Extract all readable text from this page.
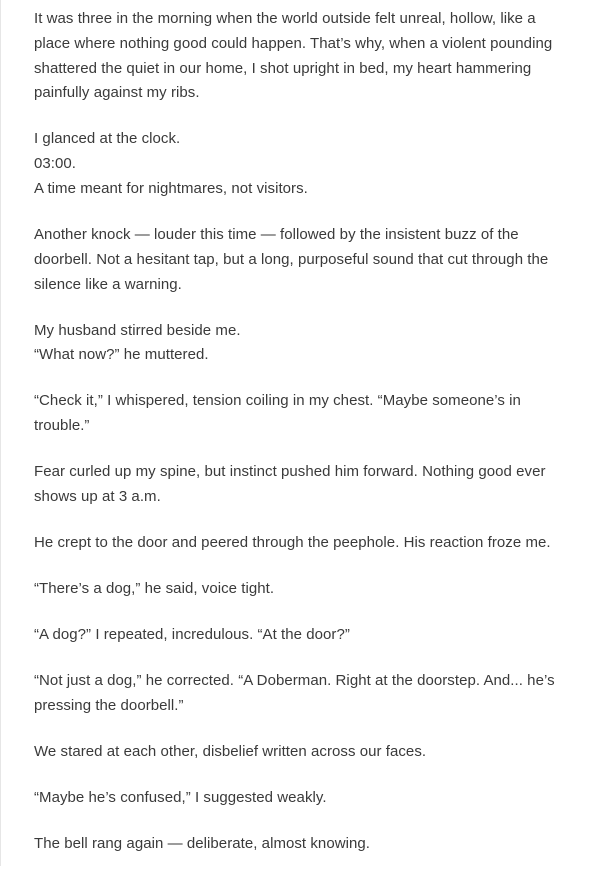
It was three in the morning when the world outside felt unreal, hollow, like a
place where nothing good could happen. That’s why, when a violent pounding
shattered the quiet in our home, I shot upright in bed, my heart hammering
painfully against my ribs.

I glanced at the clock.
03:00.
A time meant for nightmares, not visitors.

Another knock — louder this time — followed by the insistent buzz of the
doorbell. Not a hesitant tap, but a long, purposeful sound that cut through the
silence like a warning.

My husband stirred beside me.
“What now?” he muttered.

“Check it,” I whispered, tension coiling in my chest. “Maybe someone’s in
trouble.”

Fear curled up my spine, but instinct pushed him forward. Nothing good ever
shows up at 3 a.m.

He crept to the door and peered through the peephole. His reaction froze me.

“There’s a dog,” he said, voice tight.

“A dog?” I repeated, incredulous. “At the door?”

“Not just a dog,” he corrected. “A Doberman. Right at the doorstep. And... he’s
pressing the doorbell.”

We stared at each other, disbelief written across our faces.

“Maybe he’s confused,” I suggested weakly.

The bell rang again — deliberate, almost knowing.
